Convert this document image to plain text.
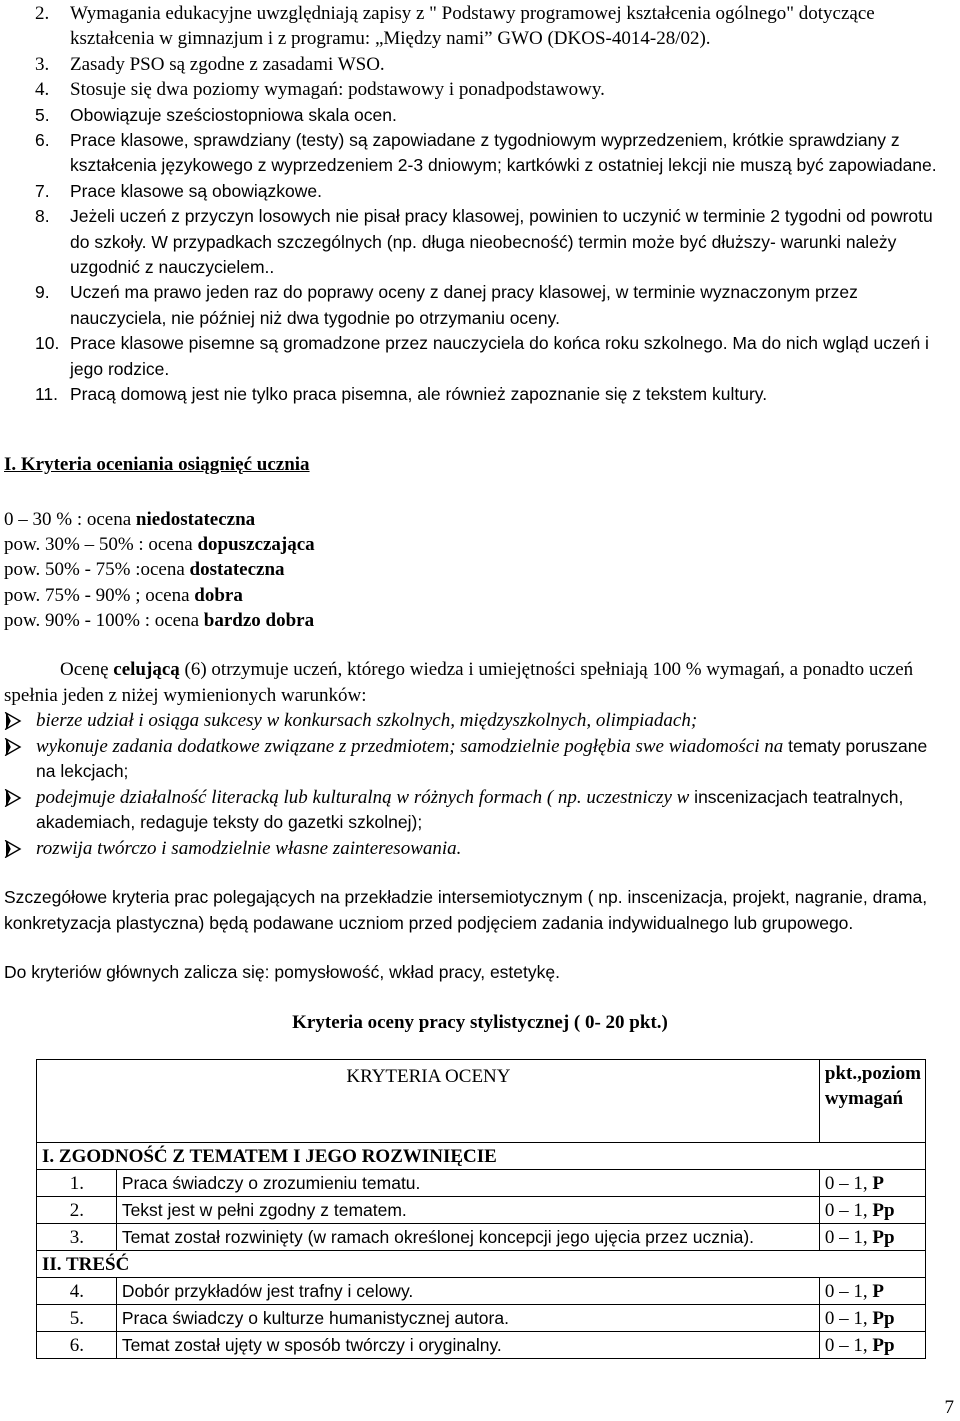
2. Wymagania edukacyjne uwzględniają zapisy z " Podstawy programowej kształcenia ogólnego" dotyczące kształcenia w gimnazjum i z programu: „Między nami” GWO (DKOS-4014-28/02).
3. Zasady PSO są zgodne z zasadami WSO.
4. Stosuje się dwa poziomy wymagań: podstawowy i ponadpodstawowy.
5. Obowiązuje sześciostopniowa skala ocen.
6. Prace klasowe, sprawdziany (testy) są zapowiadane z tygodniowym wyprzedzeniem, krótkie sprawdziany z kształcenia językowego z wyprzedzeniem 2-3 dniowym; kartkówki z ostatniej lekcji nie muszą być zapowiadane.
7. Prace klasowe są obowiązkowe.
8. Jeżeli uczeń z przyczyn losowych nie pisał pracy klasowej, powinien to uczynić w terminie 2 tygodni od powrotu do szkoły. W przypadkach szczególnych (np. długa nieobecność) termin może być dłuższy- warunki należy uzgodnić z nauczycielem..
9. Uczeń ma prawo jeden raz do poprawy oceny z danej pracy klasowej, w terminie wyznaczonym przez nauczyciela, nie później niż dwa tygodnie po otrzymaniu oceny.
10. Prace klasowe pisemne są gromadzone przez nauczyciela do końca roku szkolnego. Ma do nich wgląd uczeń i jego rodzice.
11. Pracą domową jest nie tylko praca pisemna, ale również zapoznanie się z tekstem kultury.
I. Kryteria oceniania osiągnięć ucznia
0 – 30 % : ocena niedostateczna
pow. 30% – 50% : ocena dopuszczająca
pow. 50% - 75% :ocena dostateczna
pow. 75% - 90% ; ocena dobra
pow. 90% - 100% : ocena bardzo dobra
Ocenę celującą (6) otrzymuje uczeń, którego wiedza i umiejętności spełniają 100 % wymagań, a ponadto uczeń spełnia jeden z niżej wymienionych warunków:
bierze udział i osiąga sukcesy w konkursach szkolnych, międzyszkolnych, olimpiadach;
wykonuje zadania dodatkowe związane z przedmiotem; samodzielnie pogłębia swe wiadomości na tematy poruszane na lekcjach;
podejmuje działalność literacką lub kulturalną w różnych formach ( np. uczestniczy w inscenizacjach teatralnych, akademiach, redaguje teksty do gazetki szkolnej);
rozwija twórczo i samodzielnie własne zainteresowania.
Szczegółowe kryteria prac polegających na przekładzie intersemiotycznym ( np. inscenizacja, projekt, nagranie, drama, konkretyzacja plastyczna) będą podawane uczniom przed podjęciem zadania indywidualnego lub grupowego.
Do kryteriów głównych zalicza się: pomysłowość, wkład pracy, estetykę.
Kryteria oceny pracy stylistycznej ( 0- 20 pkt.)
KRYTERIA OCENY		pkt.,poziom wymagań
I. ZGODNOŚĆ Z TEMATEM I JEGO ROZWINIĘCIE		
1.	Praca świadczy o zrozumieniu tematu.	0 – 1, P
2.	Tekst jest w pełni zgodny z tematem.	0 – 1, Pp
3.	Temat został rozwinięty (w ramach określonej koncepcji jego ujęcia przez ucznia).	0 – 1, Pp
II. TREŚĆ		
4.	Dobór przykładów jest trafny i celowy.	0 – 1, P
5.	Praca świadczy o kulturze humanistycznej autora.	0 – 1, Pp
6.	Temat został ujęty w sposób twórczy i oryginalny.	0 – 1, Pp
7
